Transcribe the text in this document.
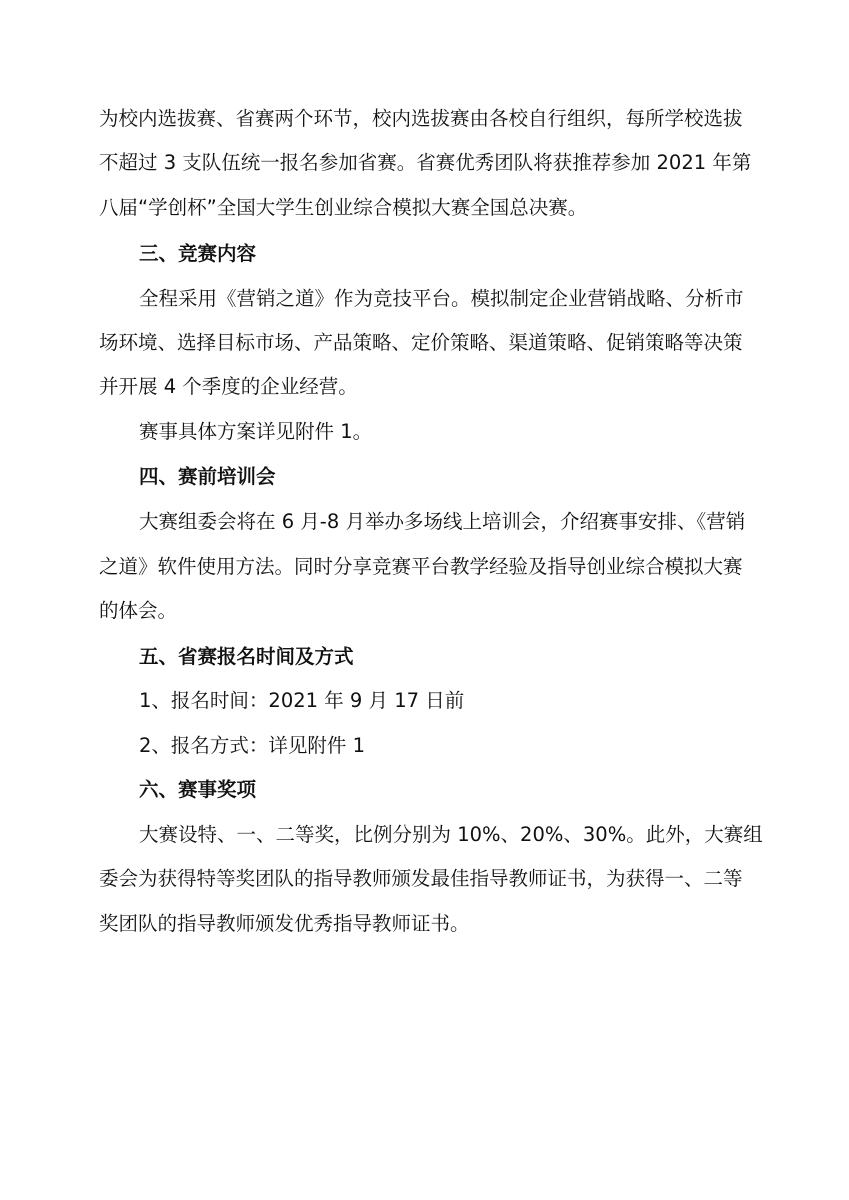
为校内选拔赛、省赛两个环节，校内选拔赛由各校自行组织，每所学校选拔
不超过 3 支队伍统一报名参加省赛。省赛优秀团队将获推荐参加 2021 年第
八届“学创杯”全国大学生创业综合模拟大赛全国总决赛。
三、竞赛内容
全程采用《营销之道》作为竞技平台。模拟制定企业营销战略、分析市
场环境、选择目标市场、产品策略、定价策略、渠道策略、促销策略等决策
并开展 4 个季度的企业经营。
赛事具体方案详见附件 1。
四、赛前培训会
大赛组委会将在 6 月-8 月举办多场线上培训会，介绍赛事安排、《营销
之道》软件使用方法。同时分享竞赛平台教学经验及指导创业综合模拟大赛
的体会。
五、省赛报名时间及方式
1、报名时间：2021 年 9 月 17 日前
2、报名方式：详见附件 1
六、赛事奖项
大赛设特、一、二等奖，比例分别为 10%、20%、30%。此外，大赛组
委会为获得特等奖团队的指导教师颁发最佳指导教师证书，为获得一、二等
奖团队的指导教师颁发优秀指导教师证书。
